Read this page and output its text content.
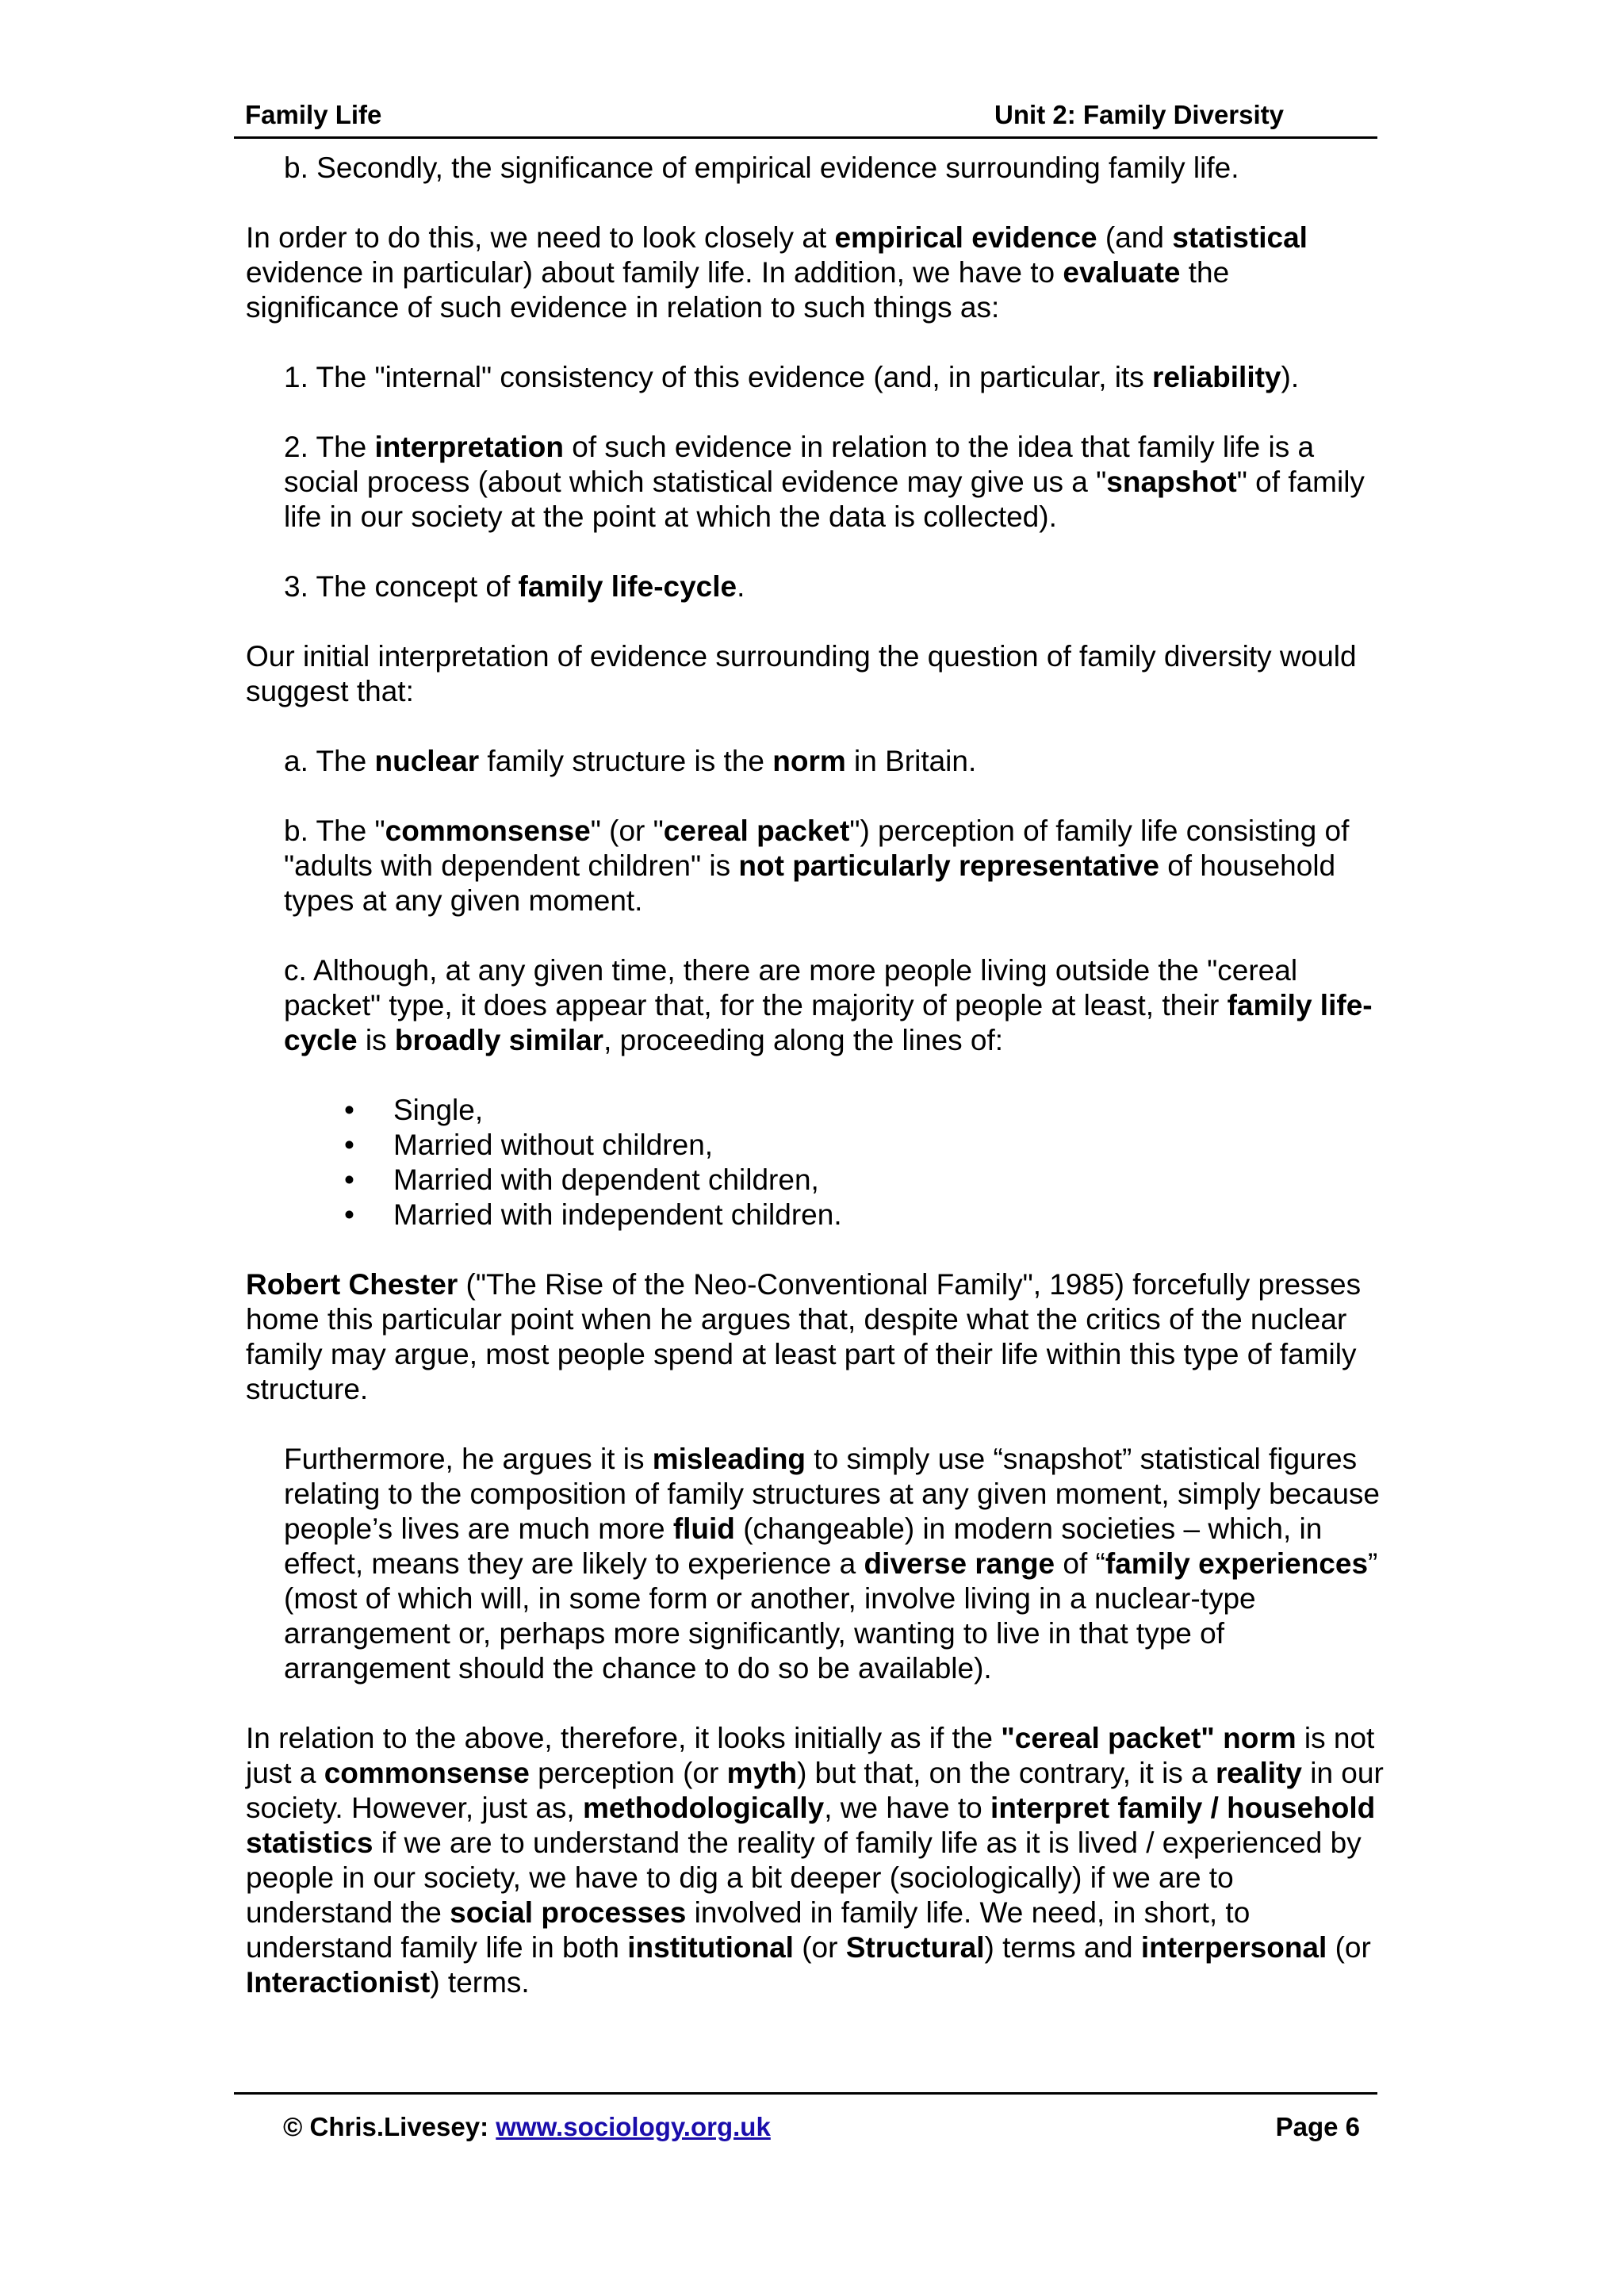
Family Life	Unit 2: Family Diversity

b. Secondly, the significance of empirical evidence surrounding family life.

In order to do this, we need to look closely at empirical evidence (and statistical evidence in particular) about family life. In addition, we have to evaluate the significance of such evidence in relation to such things as:

1. The "internal" consistency of this evidence (and, in particular, its reliability).

2. The interpretation of such evidence in relation to the idea that family life is a social process (about which statistical evidence may give us a "snapshot" of family life in our society at the point at which the data is collected).

3. The concept of family life-cycle.

Our initial interpretation of evidence surrounding the question of family diversity would suggest that:

a. The nuclear family structure is the norm in Britain.

b. The "commonsense" (or "cereal packet") perception of family life consisting of "adults with dependent children" is not particularly representative of household types at any given moment.

c. Although, at any given time, there are more people living outside the "cereal packet" type, it does appear that, for the majority of people at least, their family life-cycle is broadly similar, proceeding along the lines of:

• Single,
• Married without children,
• Married with dependent children,
• Married with independent children.

Robert Chester ("The Rise of the Neo-Conventional Family", 1985) forcefully presses home this particular point when he argues that, despite what the critics of the nuclear family may argue, most people spend at least part of their life within this type of family structure.

Furthermore, he argues it is misleading to simply use “snapshot” statistical figures relating to the composition of family structures at any given moment, simply because people’s lives are much more fluid (changeable) in modern societies – which, in effect, means they are likely to experience a diverse range of “family experiences” (most of which will, in some form or another, involve living in a nuclear-type arrangement or, perhaps more significantly, wanting to live in that type of arrangement should the chance to do so be available).

In relation to the above, therefore, it looks initially as if the "cereal packet" norm is not just a commonsense perception (or myth) but that, on the contrary, it is a reality in our society. However, just as, methodologically, we have to interpret family / household statistics if we are to understand the reality of family life as it is lived / experienced by people in our society, we have to dig a bit deeper (sociologically) if we are to understand the social processes involved in family life. We need, in short, to understand family life in both institutional (or Structural) terms and interpersonal (or Interactionist) terms.

© Chris.Livesey: www.sociology.org.uk	Page 6
